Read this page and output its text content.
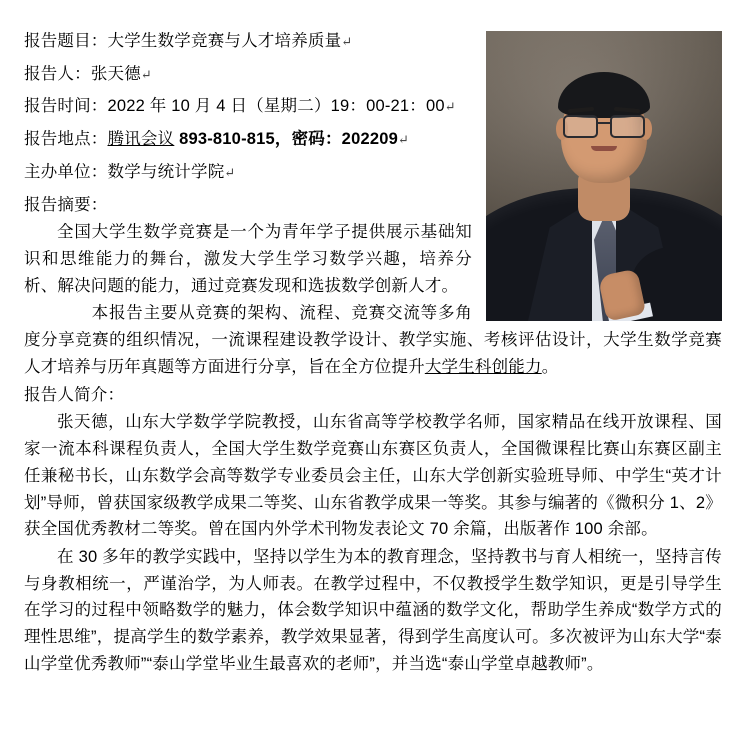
报告题目：大学生数学竞赛与人才培养质量↵

报告人：张天德↵

报告时间：2022 年 10 月 4 日（星期二）19：00-21：00↵

报告地点：腾讯会议 893-810-815，密码：202209↵

主办单位：数学与统计学院↵

报告摘要：

全国大学生数学竞赛是一个为青年学子提供展示基础知识和思维能力的舞台，激发大学生学习数学兴趣，培养分析、解决问题的能力，通过竞赛发现和选拔数学创新人才。

　　本报告主要从竞赛的架构、流程、竞赛交流等多角度分享竞赛的组织情况，一流课程建设教学设计、教学实施、考核评估设计，大学生数学竞赛人才培养与历年真题等方面进行分享，旨在全方位提升大学生科创能力。

报告人简介：

张天德，山东大学数学学院教授，山东省高等学校教学名师，国家精品在线开放课程、国家一流本科课程负责人，全国大学生数学竞赛山东赛区负责人，全国微课程比赛山东赛区副主任兼秘书长，山东数学会高等数学专业委员会主任，山东大学创新实验班导师、中学生“英才计划”导师，曾获国家级教学成果二等奖、山东省教学成果一等奖。其参与编著的《微积分 1、2》获全国优秀教材二等奖。曾在国内外学术刊物发表论文 70 余篇，出版著作 100 余部。

在 30 多年的教学实践中，坚持以学生为本的教育理念，坚持教书与育人相统一，坚持言传与身教相统一，严谨治学，为人师表。在教学过程中，不仅教授学生数学知识，更是引导学生在学习的过程中领略数学的魅力，体会数学知识中蕴涵的数学文化，帮助学生养成“数学方式的理性思维”，提高学生的数学素养，教学效果显著，得到学生高度认可。多次被评为山东大学“泰山学堂优秀教师”“泰山学堂毕业生最喜欢的老师”，并当选“泰山学堂卓越教师”。
